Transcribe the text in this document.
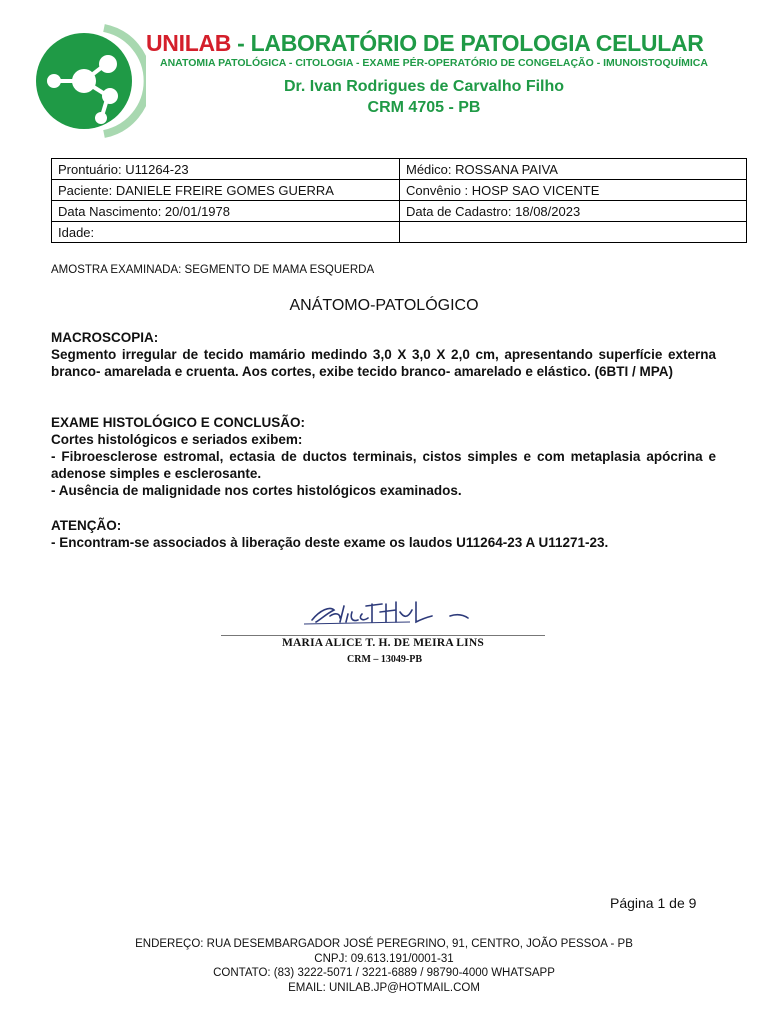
UNILAB - LABORATÓRIO DE PATOLOGIA CELULAR
ANATOMIA PATOLÓGICA - CITOLOGIA - EXAME PÉR-OPERATÓRIO DE CONGELAÇÃO - IMUNOISTOQUÍMICA
Dr. Ivan Rodrigues de Carvalho Filho
CRM 4705 - PB
Prontuário: U11264-23	Médico: ROSSANA PAIVA
Paciente: DANIELE FREIRE GOMES GUERRA	Convênio : HOSP SAO VICENTE
Data Nascimento: 20/01/1978	Data de Cadastro: 18/08/2023
Idade:	
AMOSTRA EXAMINADA: SEGMENTO DE MAMA ESQUERDA
ANÁTOMO-PATOLÓGICO
MACROSCOPIA:
Segmento irregular de tecido mamário medindo 3,0 X 3,0 X 2,0 cm, apresentando superfície externa branco- amarelada e cruenta. Aos cortes, exibe tecido branco- amarelado e elástico. (6BTI / MPA)
EXAME HISTOLÓGICO E CONCLUSÃO:
Cortes histológicos e seriados exibem:
- Fibroesclerose estromal, ectasia de ductos terminais, cistos simples e com metaplasia apócrina e adenose simples e esclerosante.
- Ausência de malignidade nos cortes histológicos examinados.
ATENÇÃO:
- Encontram-se associados à liberação deste exame os laudos U11264-23 A U11271-23.
MARIA ALICE T. H. DE MEIRA LINS
CRM – 13049-PB
Página 1 de 9
ENDEREÇO: RUA DESEMBARGADOR JOSÉ PEREGRINO, 91, CENTRO, JOÃO PESSOA - PB
CNPJ: 09.613.191/0001-31
CONTATO: (83) 3222-5071 / 3221-6889 / 98790-4000 WHATSAPP
EMAIL: UNILAB.JP@HOTMAIL.COM
